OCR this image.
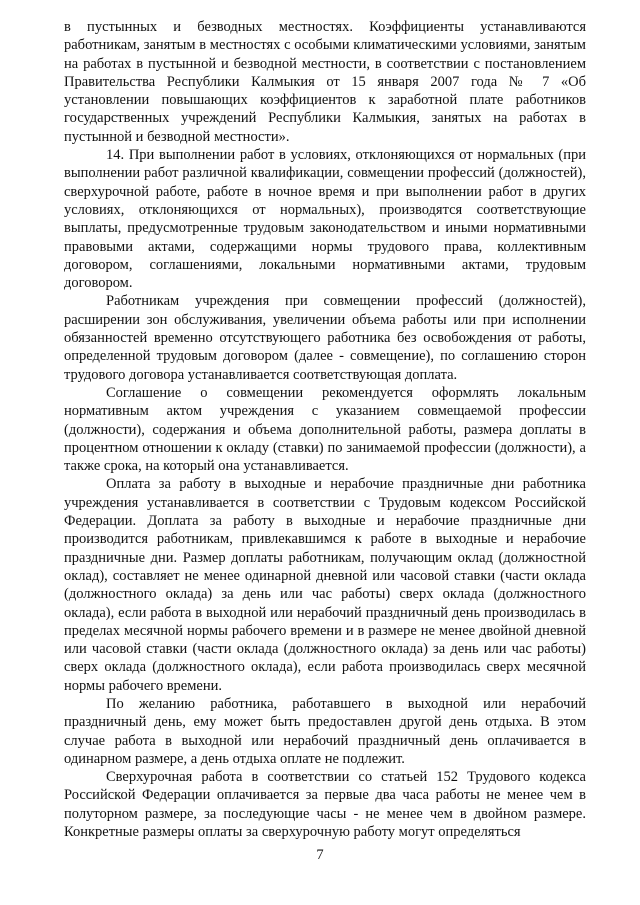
в пустынных и безводных местностях. Коэффициенты устанавливаются работникам, занятым в местностях с особыми климатическими условиями, занятым на работах в пустынной и безводной местности, в соответствии с постановлением Правительства Республики Калмыкия от 15 января 2007 года № 7 «Об установлении повышающих коэффициентов к заработной плате работников государственных учреждений Республики Калмыкия, занятых на работах в пустынной и безводной местности».

14. При выполнении работ в условиях, отклоняющихся от нормальных (при выполнении работ различной квалификации, совмещении профессий (должностей), сверхурочной работе, работе в ночное время и при выполнении работ в других условиях, отклоняющихся от нормальных), производятся соответствующие выплаты, предусмотренные трудовым законодательством и иными нормативными правовыми актами, содержащими нормы трудового права, коллективным договором, соглашениями, локальными нормативными актами, трудовым договором.

Работникам учреждения при совмещении профессий (должностей), расширении зон обслуживания, увеличении объема работы или при исполнении обязанностей временно отсутствующего работника без освобождения от работы, определенной трудовым договором (далее - совмещение), по соглашению сторон трудового договора устанавливается соответствующая доплата.

Соглашение о совмещении рекомендуется оформлять локальным нормативным актом учреждения с указанием совмещаемой профессии (должности), содержания и объема дополнительной работы, размера доплаты в процентном отношении к окладу (ставки) по занимаемой профессии (должности), а также срока, на который она устанавливается.

Оплата за работу в выходные и нерабочие праздничные дни работника учреждения устанавливается в соответствии с Трудовым кодексом Российской Федерации. Доплата за работу в выходные и нерабочие праздничные дни производится работникам, привлекавшимся к работе в выходные и нерабочие праздничные дни. Размер доплаты работникам, получающим оклад (должностной оклад), составляет не менее одинарной дневной или часовой ставки (части оклада (должностного оклада) за день или час работы) сверх оклада (должностного оклада), если работа в выходной или нерабочий праздничный день производилась в пределах месячной нормы рабочего времени и в размере не менее двойной дневной или часовой ставки (части оклада (должностного оклада) за день или час работы) сверх оклада (должностного оклада), если работа производилась сверх месячной нормы рабочего времени.

По желанию работника, работавшего в выходной или нерабочий праздничный день, ему может быть предоставлен другой день отдыха. В этом случае работа в выходной или нерабочий праздничный день оплачивается в одинарном размере, а день отдыха оплате не подлежит.

Сверхурочная работа в соответствии со статьей 152 Трудового кодекса Российской Федерации оплачивается за первые два часа работы не менее чем в полуторном размере, за последующие часы - не менее чем в двойном размере. Конкретные размеры оплаты за сверхурочную работу могут определяться

7
